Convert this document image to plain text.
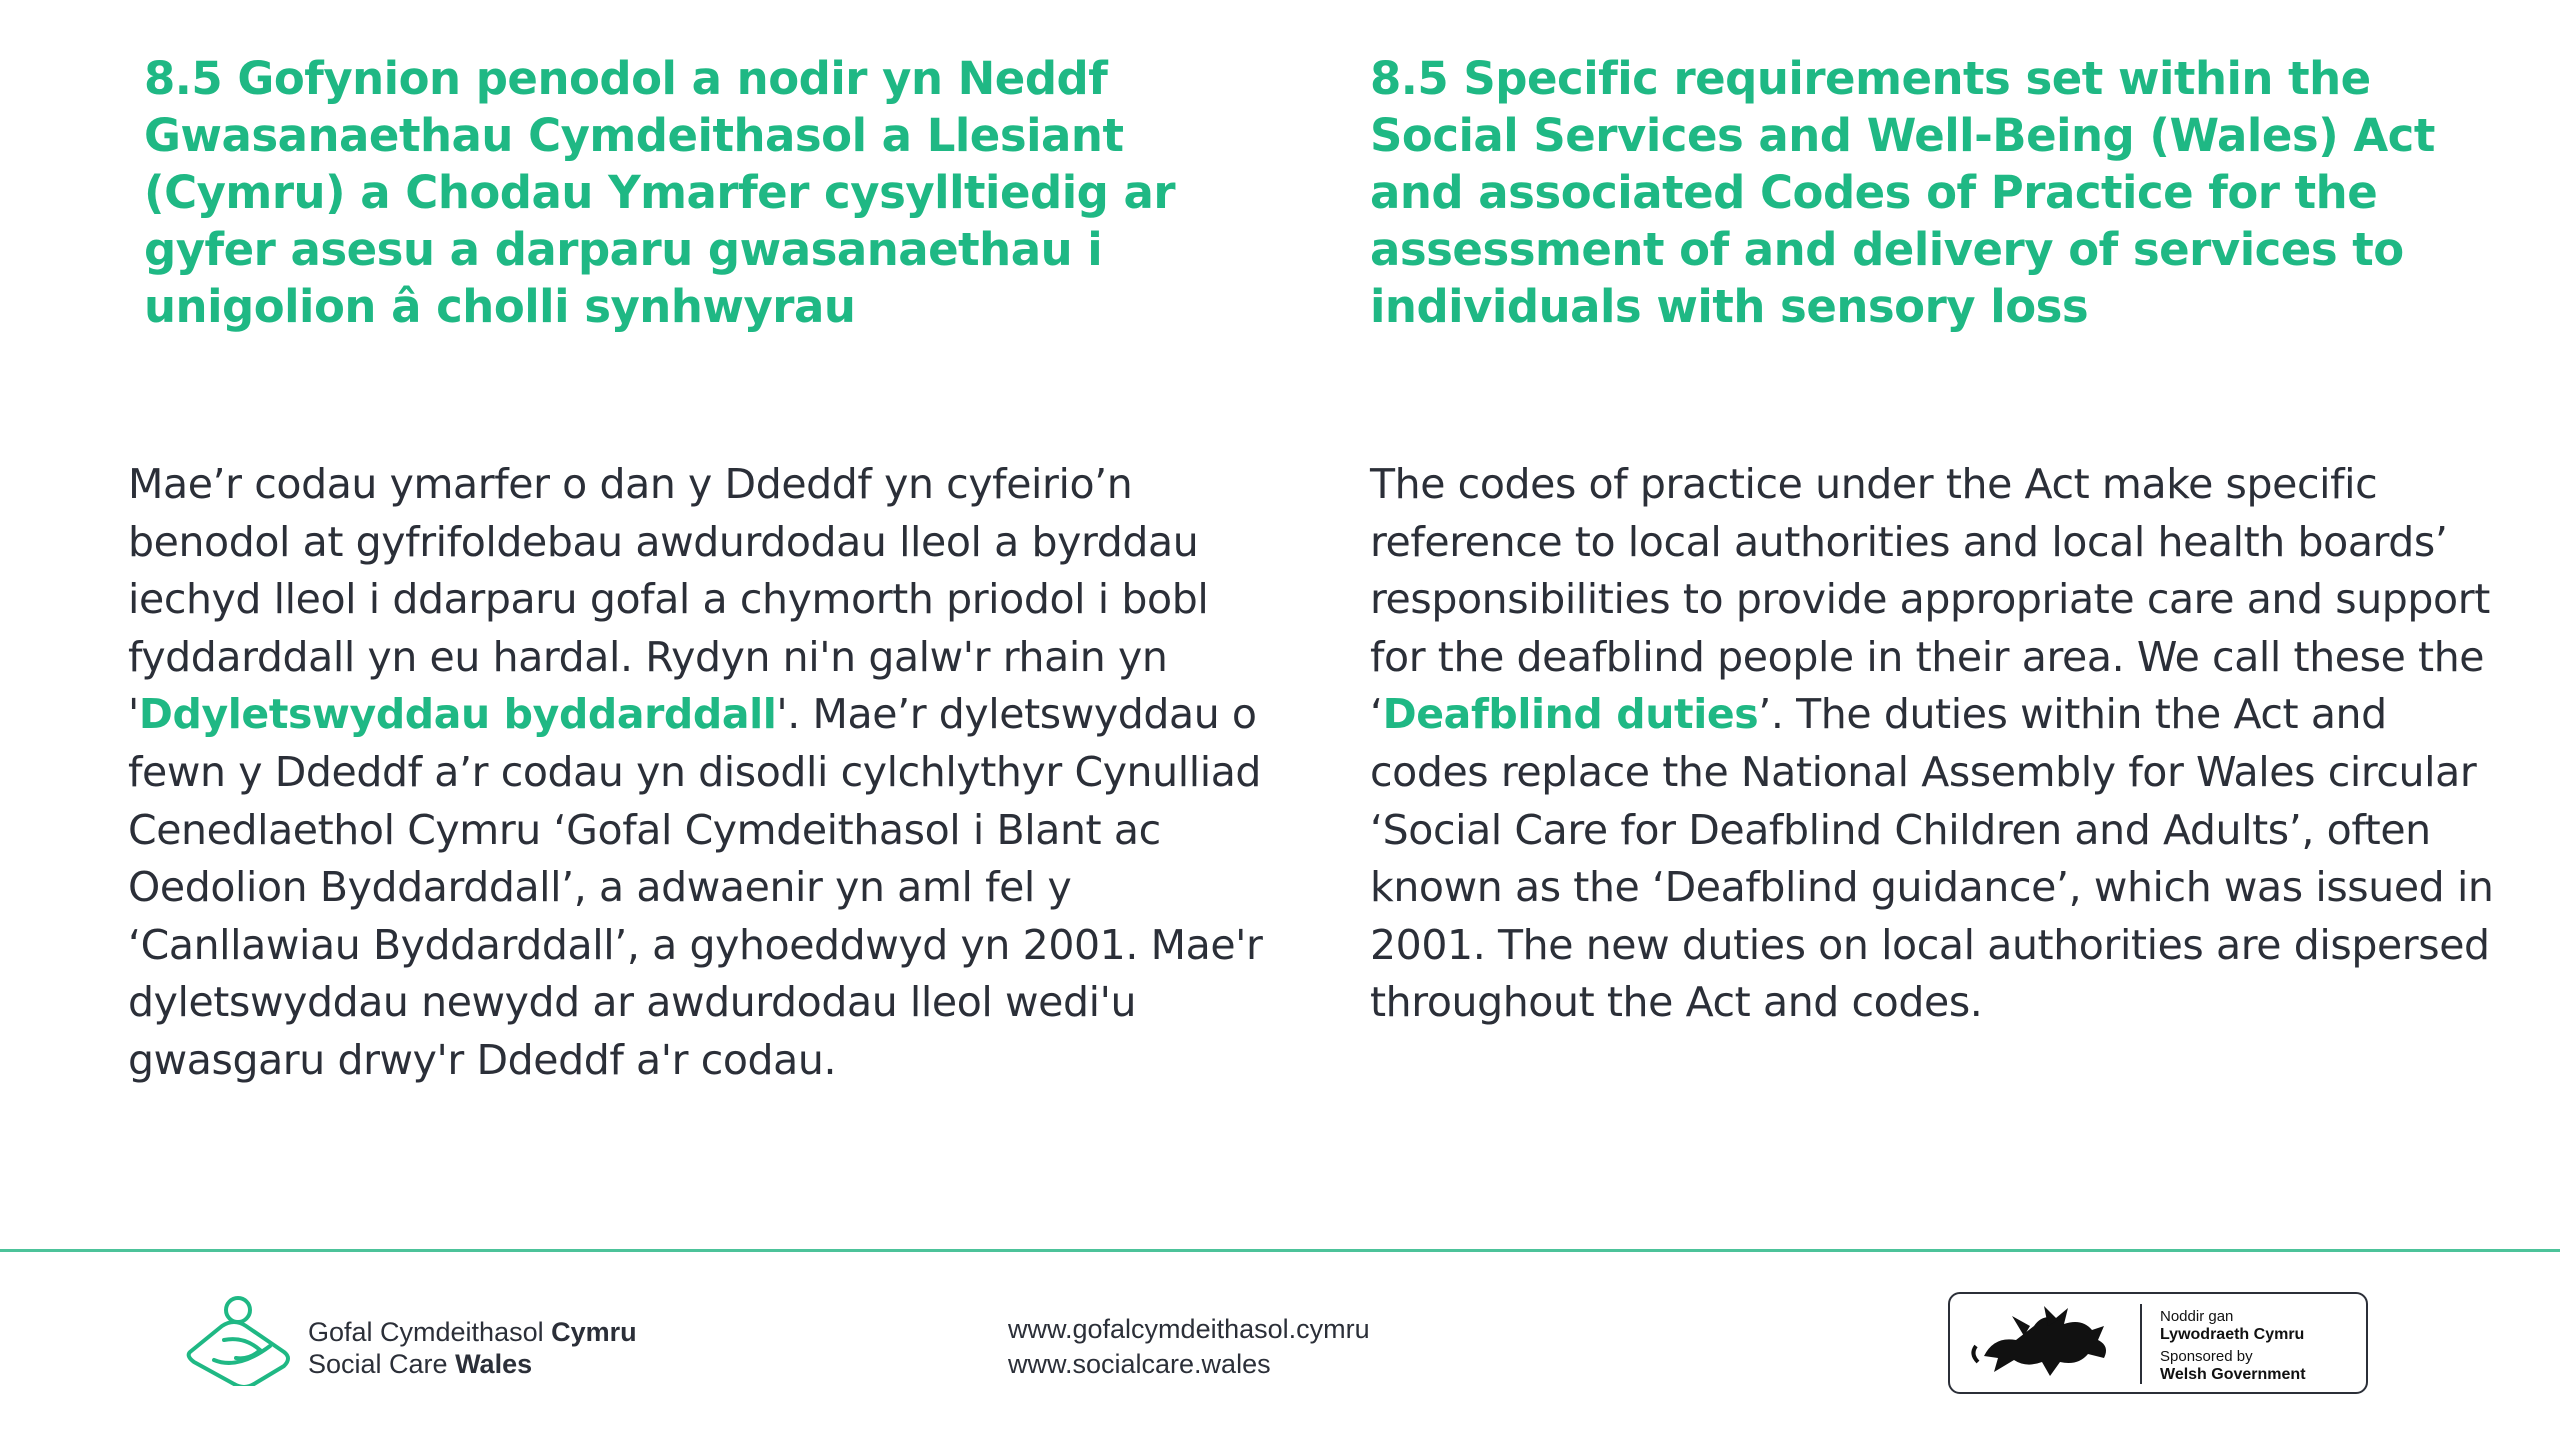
8.5 Gofynion penodol a nodir yn Neddf Gwasanaethau Cymdeithasol a Llesiant (Cymru) a Chodau Ymarfer cysylltiedig ar gyfer asesu a darparu gwasanaethau i unigolion â cholli synhwyrau

Mae’r codau ymarfer o dan y Ddeddf yn cyfeirio’n benodol at gyfrifoldebau awdurdodau lleol a byrddau iechyd lleol i ddarparu gofal a chymorth priodol i bobl fyddarddall yn eu hardal. Rydyn ni'n galw'r rhain yn 'Ddyletswyddau byddarddall'. Mae’r dyletswyddau o fewn y Ddeddf a’r codau yn disodli cylchlythyr Cynulliad Cenedlaethol Cymru ‘Gofal Cymdeithasol i Blant ac Oedolion Byddarddall’, a adwaenir yn aml fel y ‘Canllawiau Byddarddall’, a gyhoeddwyd yn 2001. Mae'r dyletswyddau newydd ar awdurdodau lleol wedi'u gwasgaru drwy'r Ddeddf a'r codau.

8.5 Specific requirements set within the Social Services and Well-Being (Wales) Act and associated Codes of Practice for the assessment of and delivery of services to individuals with sensory loss

The codes of practice under the Act make specific reference to local authorities and local health boards’ responsibilities to provide appropriate care and support for the deafblind people in their area. We call these the ‘Deafblind duties’. The duties within the Act and codes replace the National Assembly for Wales circular ‘Social Care for Deafblind Children and Adults’, often known as the ‘Deafblind guidance’, which was issued in 2001. The new duties on local authorities are dispersed throughout the Act and codes.

Gofal Cymdeithasol Cymru
Social Care Wales
www.gofalcymdeithasol.cymru
www.socialcare.wales
Noddir gan
Lywodraeth Cymru
Sponsored by
Welsh Government
